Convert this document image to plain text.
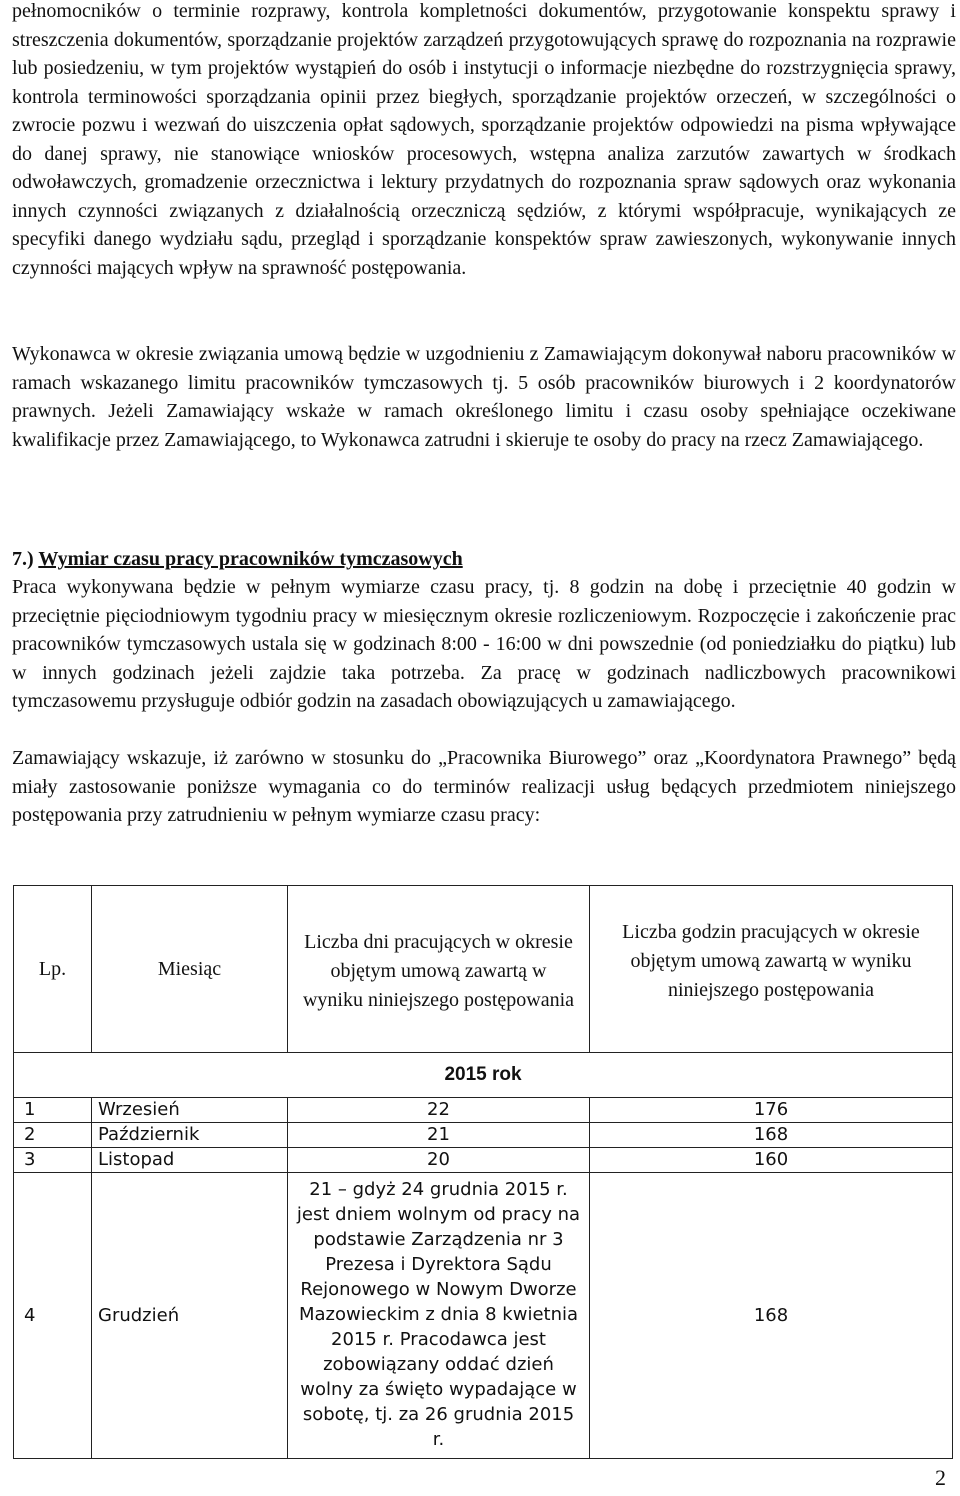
pełnomocników o terminie rozprawy, kontrola kompletności dokumentów, przygotowanie konspektu sprawy i streszczenia dokumentów, sporządzanie projektów zarządzeń przygotowujących sprawę do rozpoznania na rozprawie lub posiedzeniu, w tym projektów wystąpień do osób i instytucji o informacje niezbędne do rozstrzygnięcia sprawy, kontrola terminowości sporządzania opinii przez biegłych, sporządzanie projektów orzeczeń, w szczególności o zwrocie pozwu i wezwań do uiszczenia opłat sądowych, sporządzanie projektów odpowiedzi na pisma wpływające do danej sprawy, nie stanowiące wniosków procesowych, wstępna analiza zarzutów zawartych w środkach odwoławczych, gromadzenie orzecznictwa i lektury przydatnych do rozpoznania spraw sądowych oraz wykonania innych czynności związanych z działalnością orzeczniczą sędziów, z którymi współpracuje, wynikających ze specyfiki danego wydziału sądu, przegląd i sporządzanie konspektów spraw zawieszonych, wykonywanie innych czynności mających wpływ na sprawność postępowania.

Wykonawca w okresie związania umową będzie w uzgodnieniu z Zamawiającym dokonywał naboru pracowników w ramach wskazanego limitu pracowników tymczasowych tj. 5 osób pracowników biurowych i 2 koordynatorów prawnych. Jeżeli Zamawiający wskaże w ramach określonego limitu i czasu osoby spełniające oczekiwane kwalifikacje przez Zamawiającego, to Wykonawca zatrudni i skieruje te osoby do pracy na rzecz Zamawiającego.

7.) Wymiar czasu pracy pracowników tymczasowych

Praca wykonywana będzie w pełnym wymiarze czasu pracy, tj. 8 godzin na dobę i przeciętnie 40 godzin w przeciętnie pięciodniowym tygodniu pracy w miesięcznym okresie rozliczeniowym. Rozpoczęcie i zakończenie prac pracowników tymczasowych ustala się w godzinach 8:00 - 16:00 w dni powszednie (od poniedziałku do piątku) lub w innych godzinach jeżeli zajdzie taka potrzeba. Za pracę w godzinach nadliczbowych pracownikowi tymczasowemu przysługuje odbiór godzin na zasadach obowiązujących u zamawiającego.

Zamawiający wskazuje, iż zarówno w stosunku do „Pracownika Biurowego” oraz „Koordynatora Prawnego” będą miały zastosowanie poniższe wymagania co do terminów realizacji usług będących przedmiotem niniejszego postępowania przy zatrudnieniu w pełnym wymiarze czasu pracy:

Lp.	Miesiąc	Liczba dni pracujących w okresie objętym umową zawartą w wyniku niniejszego postępowania	Liczba godzin pracujących w okresie objętym umową zawartą w wyniku niniejszego postępowania
2015 rok			
1	Wrzesień	22	176
2	Październik	21	168
3	Listopad	20	160
4	Grudzień	21 – gdyż 24 grudnia 2015 r. jest dniem wolnym od pracy na podstawie Zarządzenia nr 3 Prezesa i Dyrektora Sądu Rejonowego w Nowym Dworze Mazowieckim z dnia 8 kwietnia 2015 r. Pracodawca jest zobowiązany oddać dzień wolny za święto wypadające w sobotę, tj. za 26 grudnia 2015 r.	168
2
